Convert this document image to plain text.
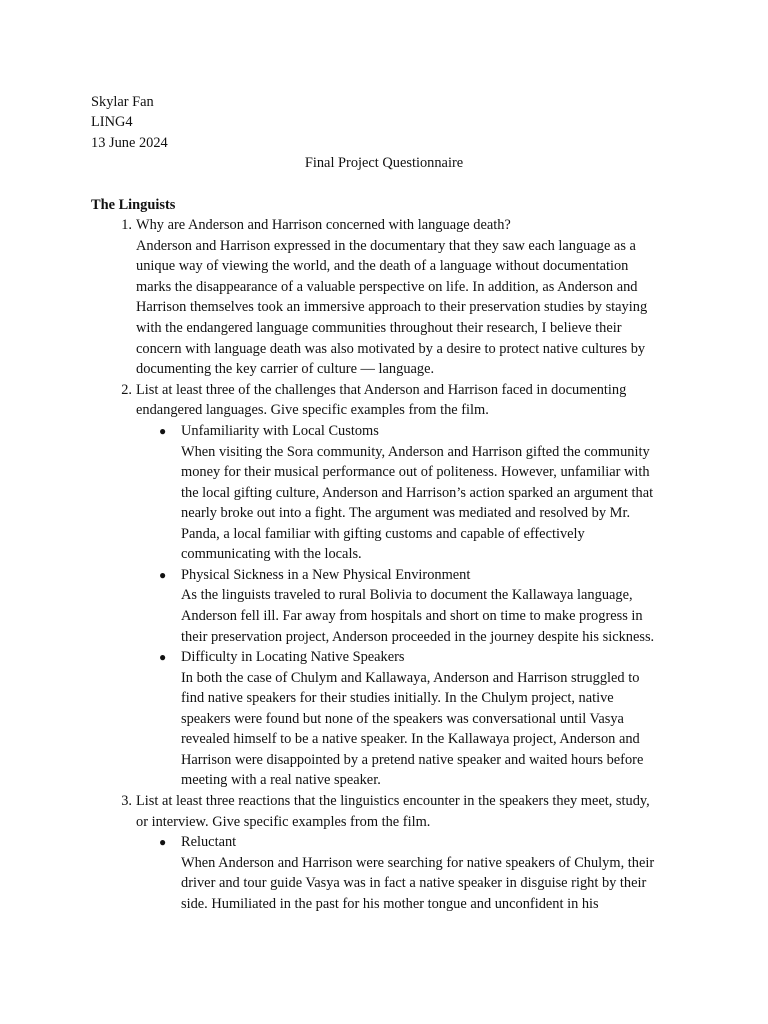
Skylar Fan
LING4
13 June 2024
Final Project Questionnaire
The Linguists
1. Why are Anderson and Harrison concerned with language death?
Anderson and Harrison expressed in the documentary that they saw each language as a
unique way of viewing the world, and the death of a language without documentation
marks the disappearance of a valuable perspective on life. In addition, as Anderson and
Harrison themselves took an immersive approach to their preservation studies by staying
with the endangered language communities throughout their research, I believe their
concern with language death was also motivated by a desire to protect native cultures by
documenting the key carrier of culture — language.
2. List at least three of the challenges that Anderson and Harrison faced in documenting
endangered languages. Give specific examples from the film.
● Unfamiliarity with Local Customs
When visiting the Sora community, Anderson and Harrison gifted the community
money for their musical performance out of politeness. However, unfamiliar with
the local gifting culture, Anderson and Harrison’s action sparked an argument that
nearly broke out into a fight. The argument was mediated and resolved by Mr.
Panda, a local familiar with gifting customs and capable of effectively
communicating with the locals.
● Physical Sickness in a New Physical Environment
As the linguists traveled to rural Bolivia to document the Kallawaya language,
Anderson fell ill. Far away from hospitals and short on time to make progress in
their preservation project, Anderson proceeded in the journey despite his sickness.
● Difficulty in Locating Native Speakers
In both the case of Chulym and Kallawaya, Anderson and Harrison struggled to
find native speakers for their studies initially. In the Chulym project, native
speakers were found but none of the speakers was conversational until Vasya
revealed himself to be a native speaker. In the Kallawaya project, Anderson and
Harrison were disappointed by a pretend native speaker and waited hours before
meeting with a real native speaker.
3. List at least three reactions that the linguistics encounter in the speakers they meet, study,
or interview. Give specific examples from the film.
● Reluctant
When Anderson and Harrison were searching for native speakers of Chulym, their
driver and tour guide Vasya was in fact a native speaker in disguise right by their
side. Humiliated in the past for his mother tongue and unconfident in his
